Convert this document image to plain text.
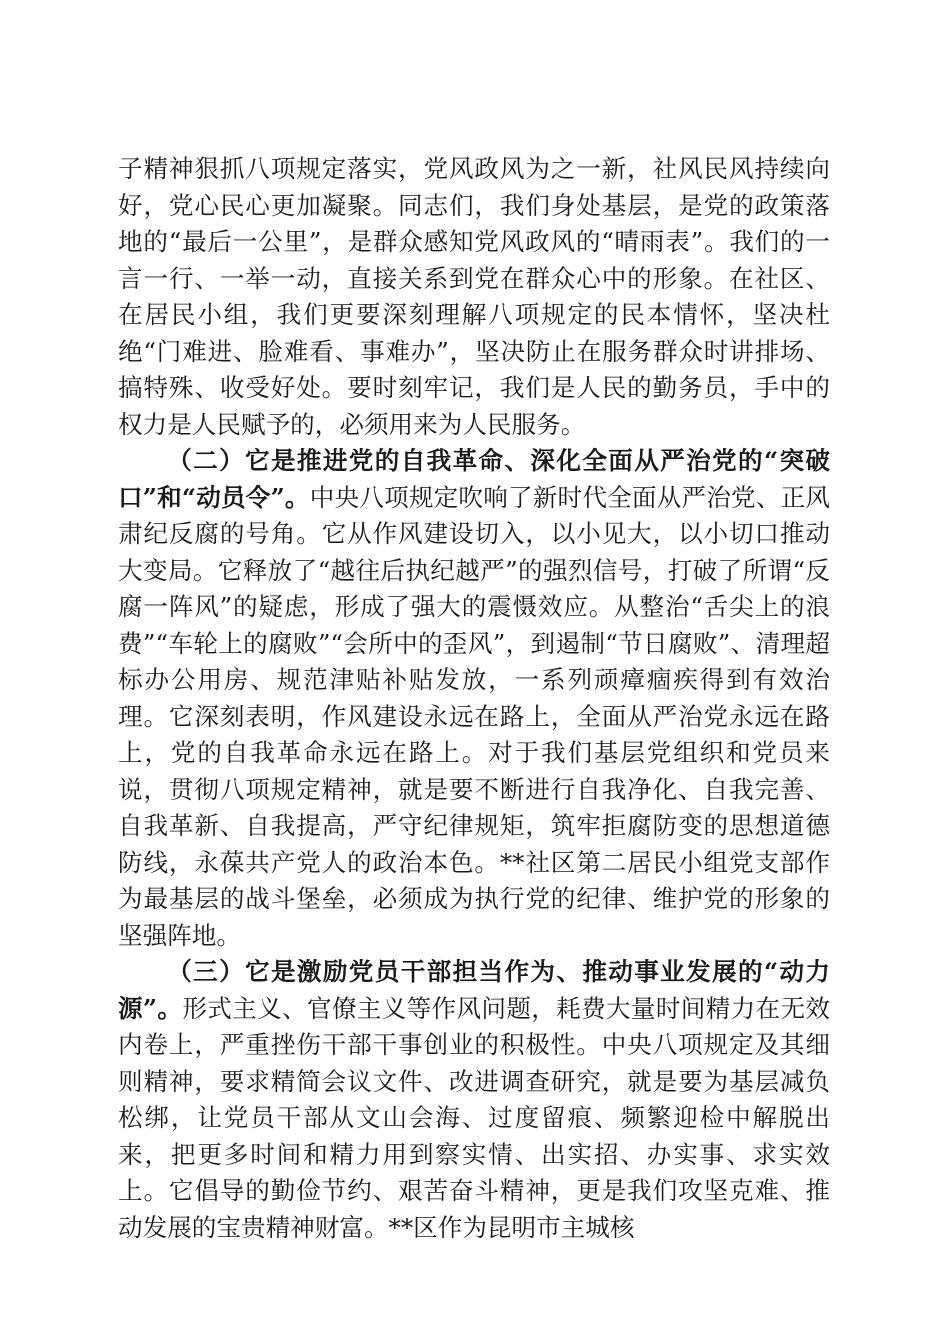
子精神狠抓八项规定落实，党风政风为之一新，社风民风持续向好，党心民心更加凝聚。同志们，我们身处基层，是党的政策落地的“最后一公里”，是群众感知党风政风的“晴雨表”。我们的一言一行、一举一动，直接关系到党在群众心中的形象。在社区、在居民小组，我们更要深刻理解八项规定的民本情怀，坚决杜绝“门难进、脸难看、事难办”，坚决防止在服务群众时讲排场、搞特殊、收受好处。要时刻牢记，我们是人民的勤务员，手中的权力是人民赋予的，必须用来为人民服务。

（二）它是推进党的自我革命、深化全面从严治党的“突破口”和“动员令”。中央八项规定吹响了新时代全面从严治党、正风肃纪反腐的号角。它从作风建设切入，以小见大，以小切口推动大变局。它释放了“越往后执纪越严”的强烈信号，打破了所谓“反腐一阵风”的疑虑，形成了强大的震慑效应。从整治“舌尖上的浪费”“车轮上的腐败”“会所中的歪风”，到遏制“节日腐败”、清理超标办公用房、规范津贴补贴发放，一系列顽瘴痼疾得到有效治理。它深刻表明，作风建设永远在路上，全面从严治党永远在路上，党的自我革命永远在路上。对于我们基层党组织和党员来说，贯彻八项规定精神，就是要不断进行自我净化、自我完善、自我革新、自我提高，严守纪律规矩，筑牢拒腐防变的思想道德防线，永葆共产党人的政治本色。**社区第二居民小组党支部作为最基层的战斗堡垒，必须成为执行党的纪律、维护党的形象的坚强阵地。

（三）它是激励党员干部担当作为、推动事业发展的“动力源”。形式主义、官僚主义等作风问题，耗费大量时间精力在无效内卷上，严重挫伤干部干事创业的积极性。中央八项规定及其细则精神，要求精简会议文件、改进调查研究，就是要为基层减负松绑，让党员干部从文山会海、过度留痕、频繁迎检中解脱出来，把更多时间和精力用到察实情、出实招、办实事、求实效上。它倡导的勤俭节约、艰苦奋斗精神，更是我们攻坚克难、推动发展的宝贵精神财富。**区作为昆明市主城核
